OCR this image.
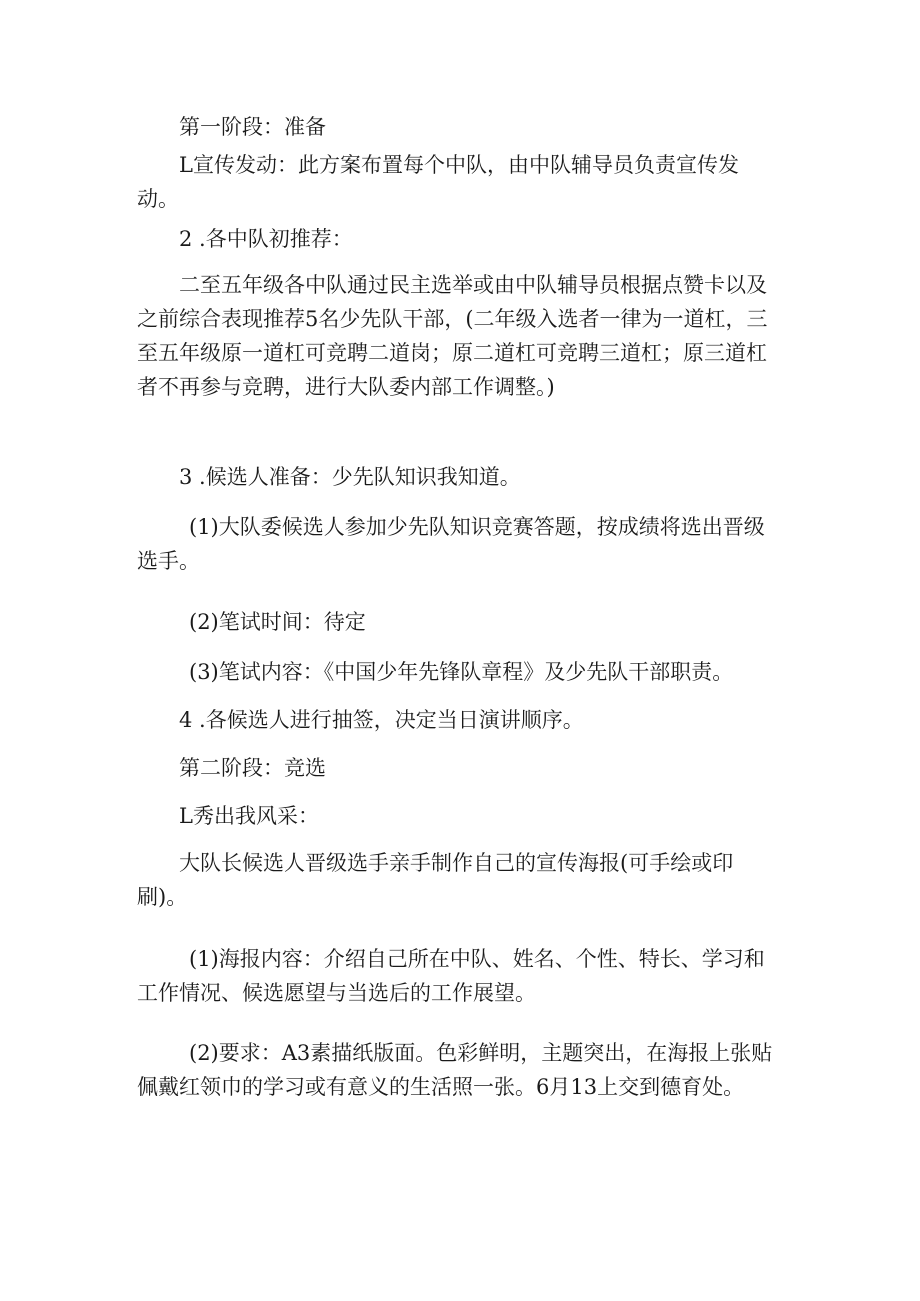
第一阶段：准备

L宣传发动：此方案布置每个中队，由中队辅导员负责宣传发动。

2 .各中队初推荐：

二至五年级各中队通过民主选举或由中队辅导员根据点赞卡以及之前综合表现推荐5名少先队干部，(二年级入选者一律为一道杠，三至五年级原一道杠可竞聘二道岗；原二道杠可竞聘三道杠；原三道杠者不再参与竞聘，进行大队委内部工作调整。)

3 .候选人准备：少先队知识我知道。

(1)大队委候选人参加少先队知识竞赛答题，按成绩将选出晋级选手。

(2)笔试时间：待定

(3)笔试内容：《中国少年先锋队章程》及少先队干部职责。

4 .各候选人进行抽签，决定当日演讲顺序。

第二阶段：竞选

L秀出我风采：

大队长候选人晋级选手亲手制作自己的宣传海报(可手绘或印刷)。

(1)海报内容：介绍自己所在中队、姓名、个性、特长、学习和工作情况、候选愿望与当选后的工作展望。

(2)要求：A3素描纸版面。色彩鲜明，主题突出，在海报上张贴佩戴红领巾的学习或有意义的生活照一张。6月13上交到德育处。
